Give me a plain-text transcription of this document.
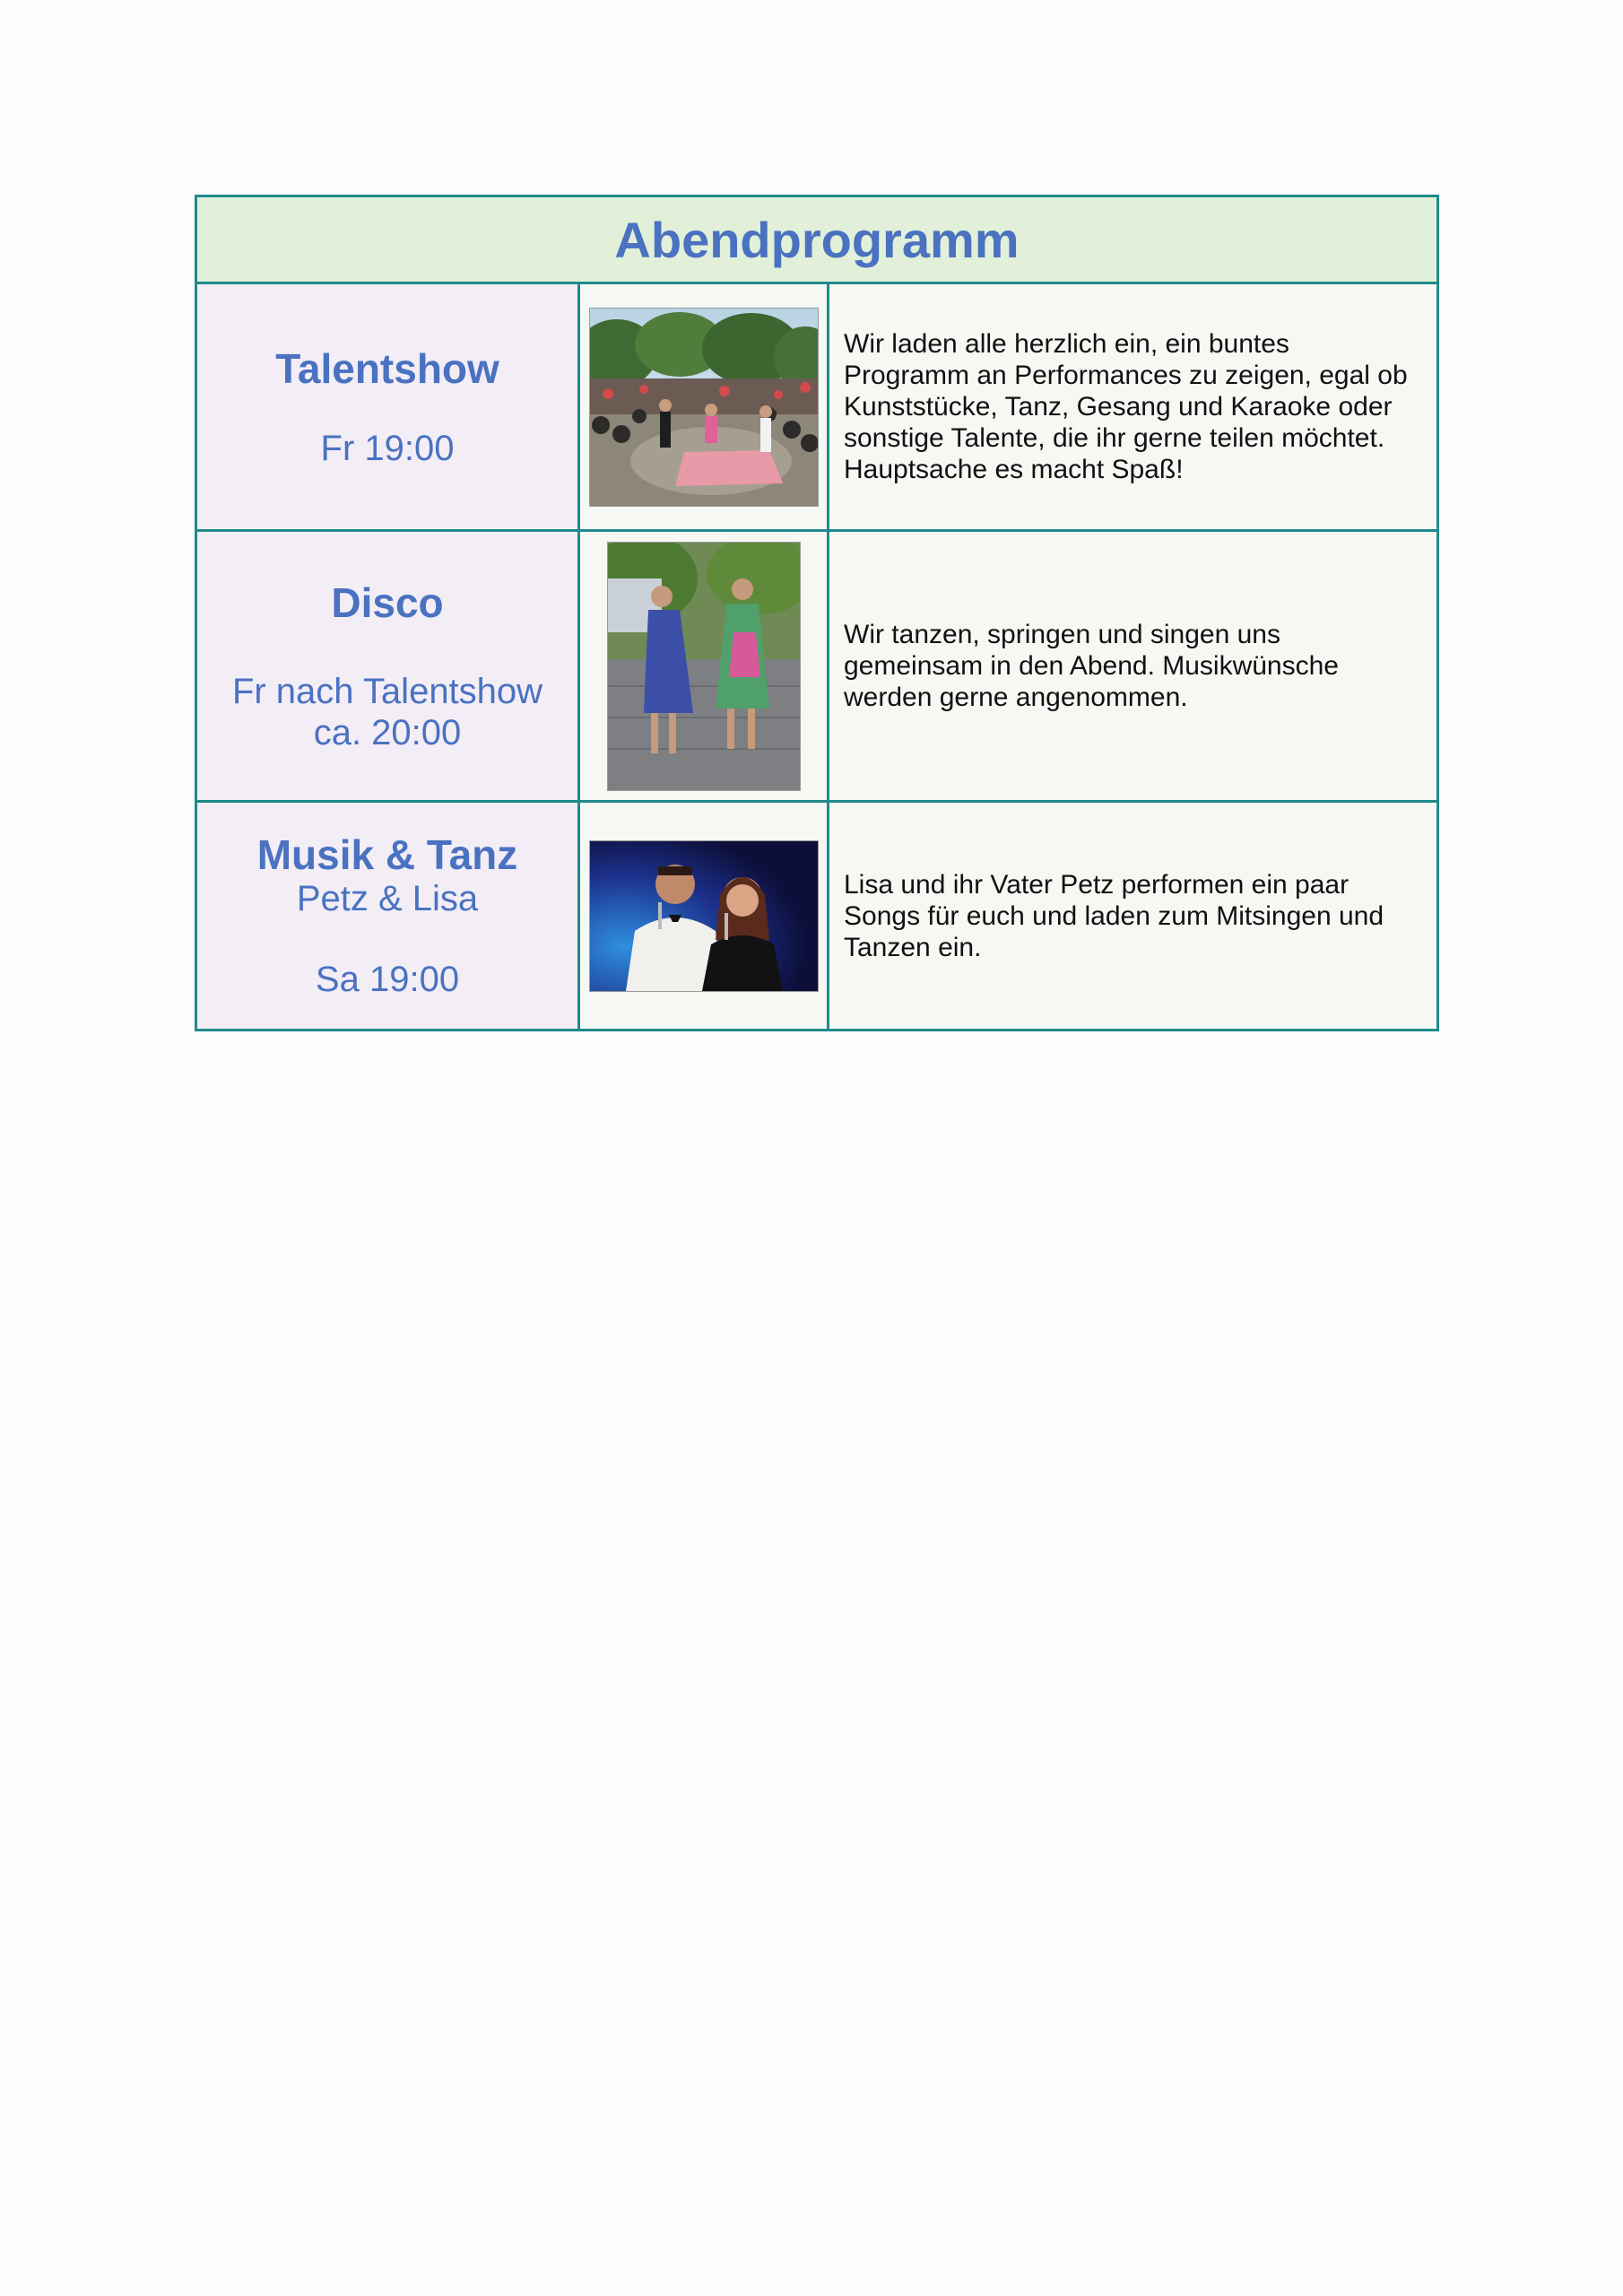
Abendprogramm		

Talentshow
Fr 19:00		Wir laden alle herzlich ein, ein buntes Programm an Performances zu zeigen, egal ob Kunststücke, Tanz, Gesang und Karaoke oder sonstige Talente, die ihr gerne teilen möchtet. Hauptsache es macht Spaß!

Disco
Fr nach Talentshow
ca. 20:00		Wir tanzen, springen und singen uns gemeinsam in den Abend. Musikwünsche werden gerne angenommen.

Musik & Tanz
Petz & Lisa
Sa 19:00		Lisa und ihr Vater Petz performen ein paar Songs für euch und laden zum Mitsingen und Tanzen ein.
